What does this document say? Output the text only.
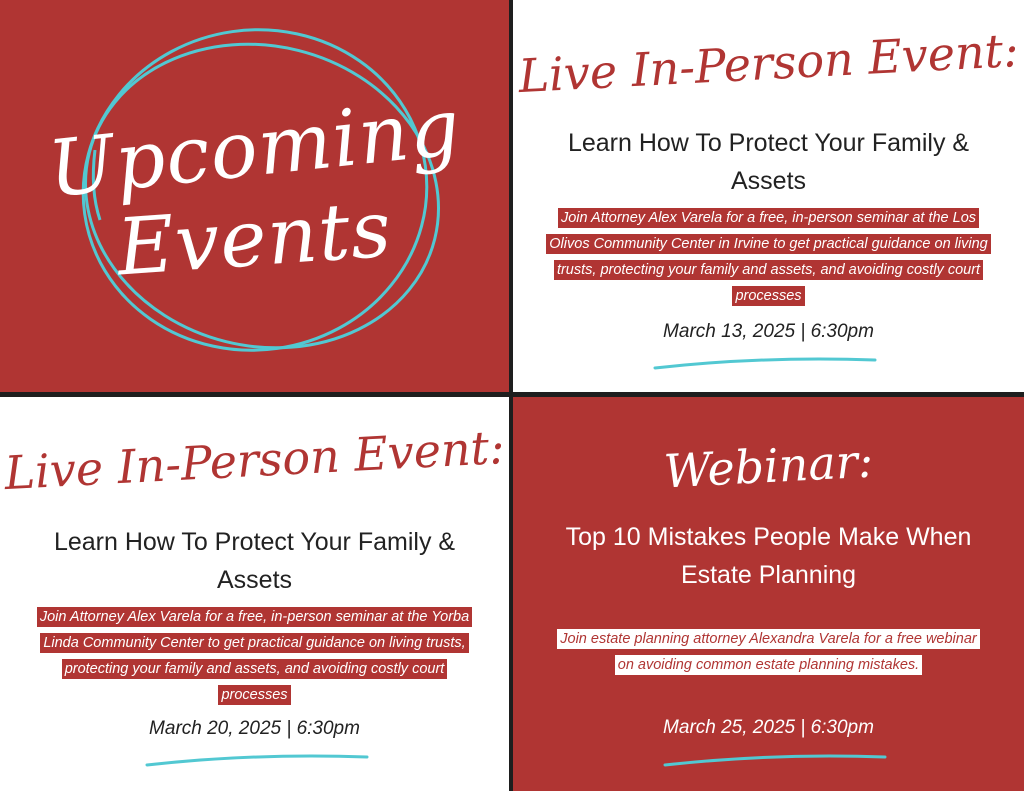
Upcoming
Events
Live In-Person Event:
Learn How To Protect Your Family & Assets
Join Attorney Alex Varela for a free, in-person seminar at the Los Olivos Community Center in Irvine to get practical guidance on living trusts, protecting your family and assets, and avoiding costly court processes
March 13, 2025 | 6:30pm
Live In-Person Event:
Learn How To Protect Your Family & Assets
Join Attorney Alex Varela for a free, in-person seminar at the Yorba Linda Community Center to get practical guidance on living trusts, protecting your family and assets, and avoiding costly court processes
March 20, 2025 | 6:30pm
Webinar:
Top 10 Mistakes People Make When Estate Planning
Join estate planning attorney Alexandra Varela for a free webinar on avoiding common estate planning mistakes.
March 25, 2025 | 6:30pm
